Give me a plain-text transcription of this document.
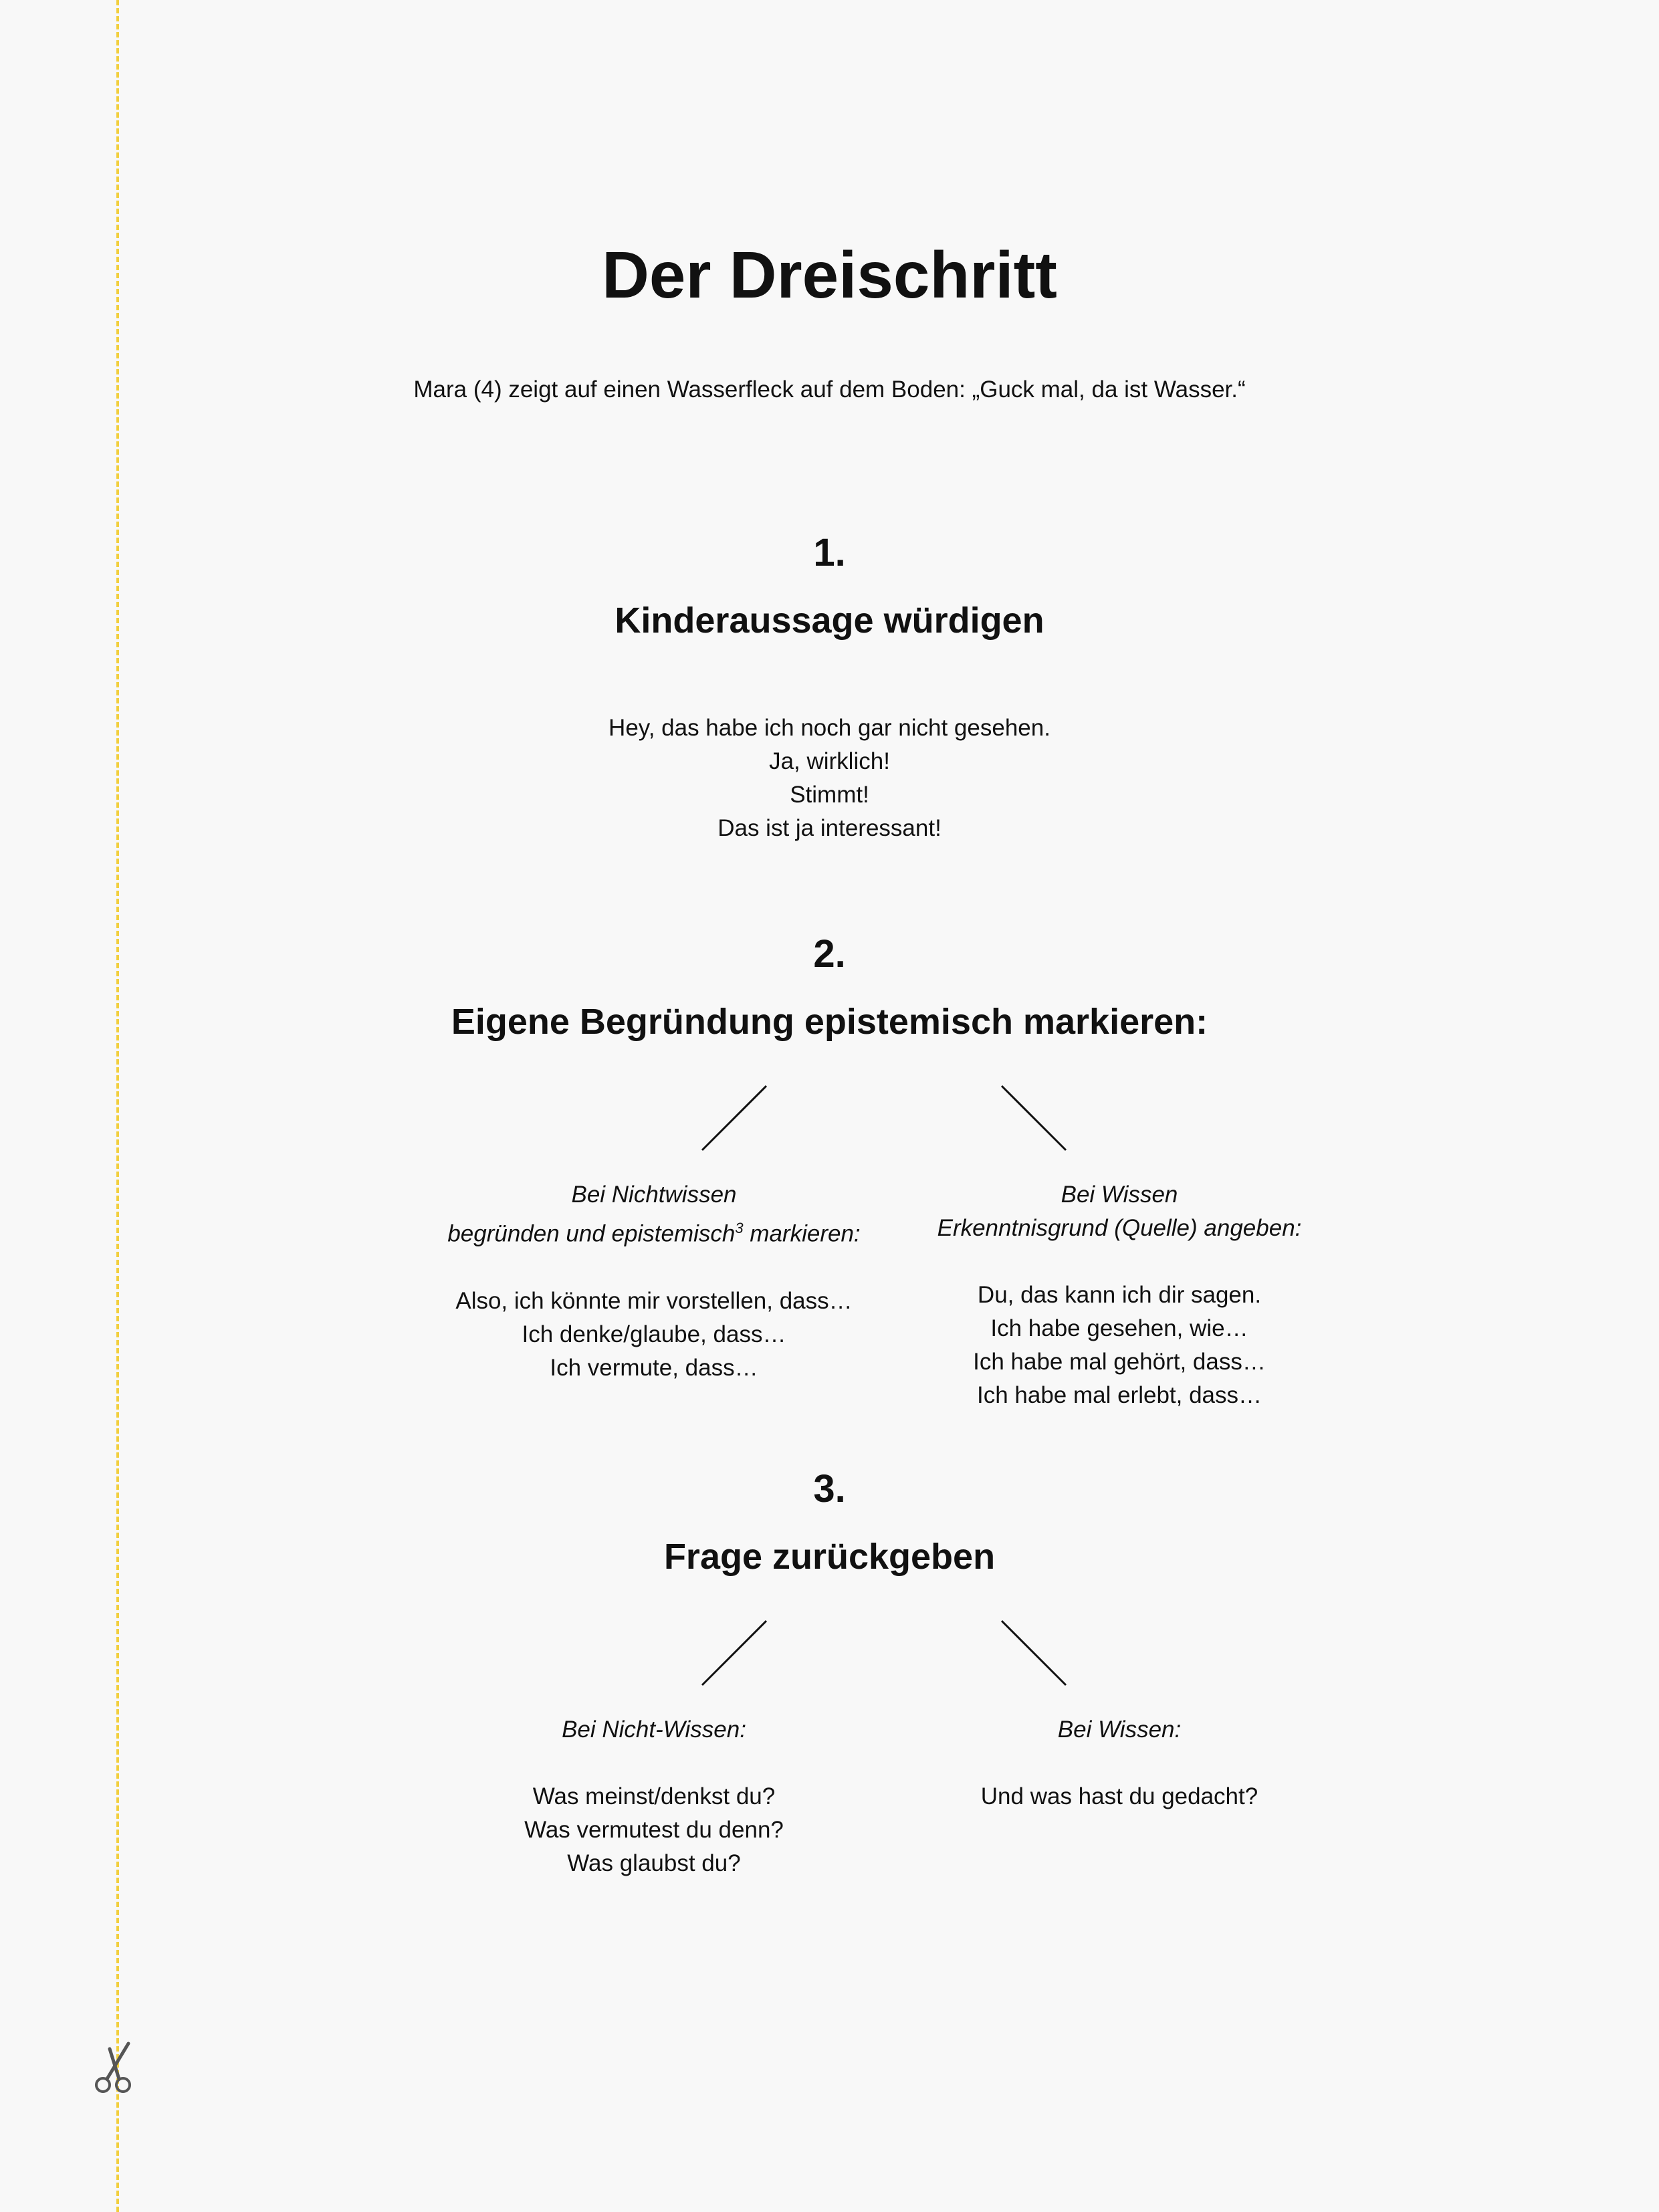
Der Dreischritt

Mara (4) zeigt auf einen Wasserfleck auf dem Boden: „Guck mal, da ist Wasser.“

1.
Kinderaussage würdigen

Hey, das habe ich noch gar nicht gesehen.

Ja, wirklich!

Stimmt!

Das ist ja interessant!

2.
Eigene Begründung epistemisch markieren:

Bei Nichtwissen

begründen und epistemisch$^3$ markieren:

Also, ich könnte mir vorstellen, dass…

Ich denke/glaube, dass…

Ich vermute, dass…

Bei Wissen

Erkenntnisgrund (Quelle) angeben:

Du, das kann ich dir sagen.

Ich habe gesehen, wie…

Ich habe mal gehört, dass…

Ich habe mal erlebt, dass…

3.
Frage zurückgeben

Bei Nicht-Wissen:

Was meinst/denkst du?

Was vermutest du denn?

Was glaubst du?

Bei Wissen:

Und was hast du gedacht?
